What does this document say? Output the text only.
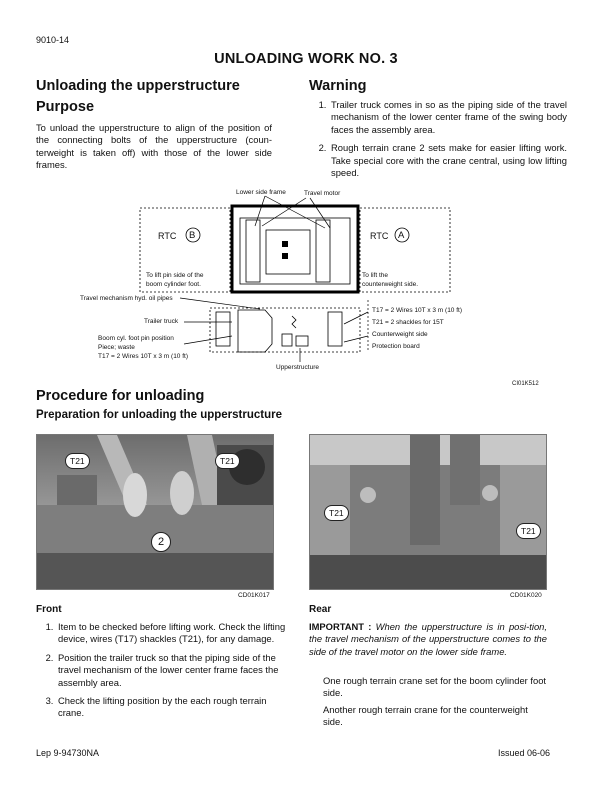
9010-14
UNLOADING WORK NO. 3
Unloading the upperstructure
Purpose
To unload the upperstructure to align of the position of the connecting bolts of the upperstructure (coun-terweight is taken off) with those of the lower side frames.
Warning
1. Trailer truck comes in so as the piping side of the travel mechanism of the lower center frame of the swing body faces the assembly area.
2. Rough terrain crane 2 sets make for easier lifting work. Take special core with the crane central, using low lifting speed.
Lower side frame	Travel motor
RTC B	RTC A
To lift pin side of the
boom cylinder foot.
To lift the
counterweight side.
Travel mechanism hyd. oil pipes
Trailer truck
Boom cyl. foot pin position
Piece; waste
T17 = 2 Wires 10T x 3 m (10 ft)
T17 = 2 Wires 10T x 3 m (10 ft)
T21 = 2 shackles for 15T
Counterweight side
Protection board
Upperstructure
CI01K512
Procedure for unloading
Preparation for unloading the upperstructure
T21	T21
2
CD01K017
T21
T21
CD01K020
Front
1. Item to be checked before lifting work. Check the lifting device, wires (T17) shackles (T21), for any damage.
2. Position the trailer truck so that the piping side of the travel mechanism of the lower center frame faces the assembly area.
3. Check the lifting position by the each rough terrain crane.
Rear
IMPORTANT : When the upperstructure is in posi-tion, the travel mechanism of the upperstructure comes to the side of the travel motor on the lower side frame.
One rough terrain crane set for the boom cylinder foot side.
Another rough terrain crane for the counterweight side.
Lep 9-94730NA	Issued 06-06
